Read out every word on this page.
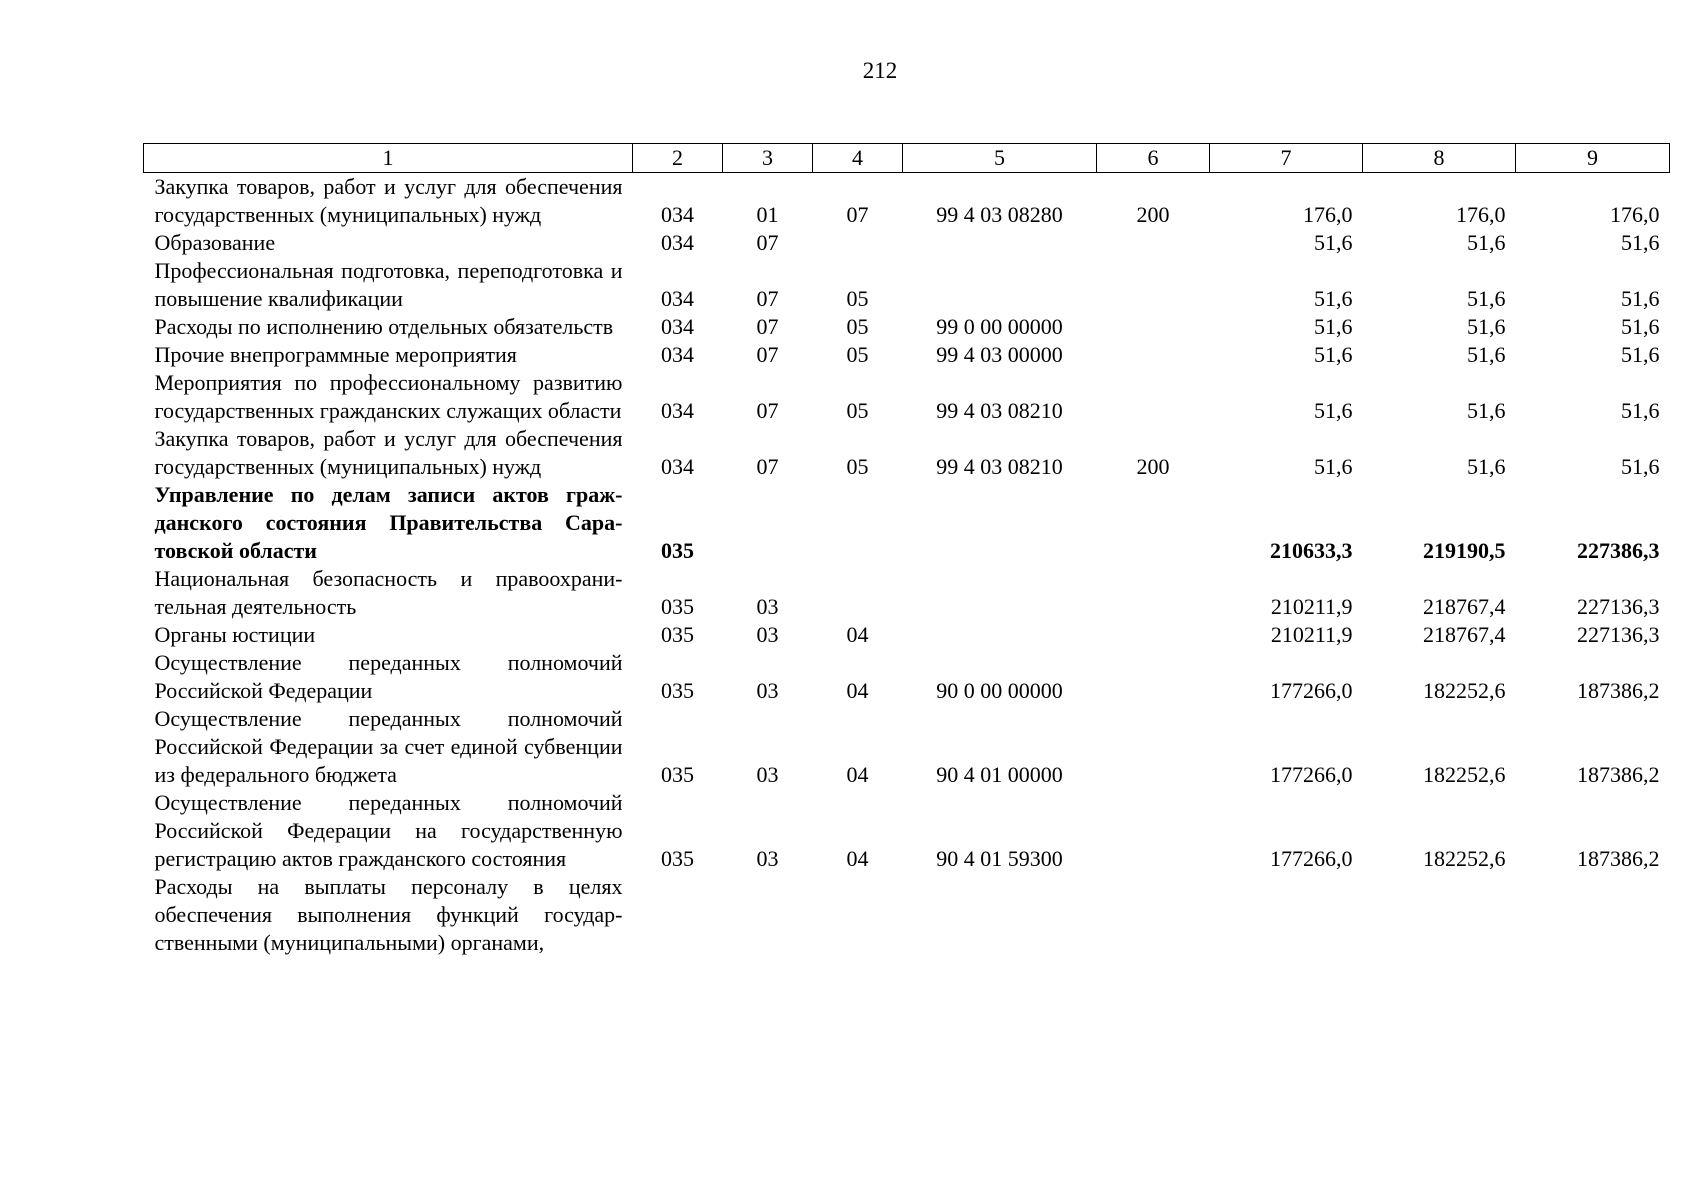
212
1	2	3	4	5	6	7	8	9
Закупка товаров, работ и услуг для обеспечения государственных (муниципальных) нужд	034	01	07	99 4 03 08280	200	176,0	176,0	176,0
Образование	034	07				51,6	51,6	51,6
Профессиональная подготовка, переподготовка и повышение квалификации	034	07	05			51,6	51,6	51,6
Расходы по исполнению отдельных обязательств	034	07	05	99 0 00 00000		51,6	51,6	51,6
Прочие внепрограммные мероприятия	034	07	05	99 4 03 00000		51,6	51,6	51,6
Мероприятия по профессиональному развитию государственных гражданских служащих области	034	07	05	99 4 03 08210		51,6	51,6	51,6
Закупка товаров, работ и услуг для обеспечения государственных (муниципальных) нужд	034	07	05	99 4 03 08210	200	51,6	51,6	51,6
Управление по делам записи актов гражданского состояния Правительства Саратовской области	035					210633,3	219190,5	227386,3
Национальная безопасность и правоохранительная деятельность	035	03				210211,9	218767,4	227136,3
Органы юстиции	035	03	04			210211,9	218767,4	227136,3
Осуществление переданных полномочий Российской Федерации	035	03	04	90 0 00 00000		177266,0	182252,6	187386,2
Осуществление переданных полномочий Российской Федерации за счет единой субвенции из федерального бюджета	035	03	04	90 4 01 00000		177266,0	182252,6	187386,2
Осуществление переданных полномочий Российской Федерации на государственную регистрацию актов гражданского состояния	035	03	04	90 4 01 59300		177266,0	182252,6	187386,2
Расходы на выплаты персоналу в целях обеспечения выполнения функций государственными (муниципальными) органами,								
